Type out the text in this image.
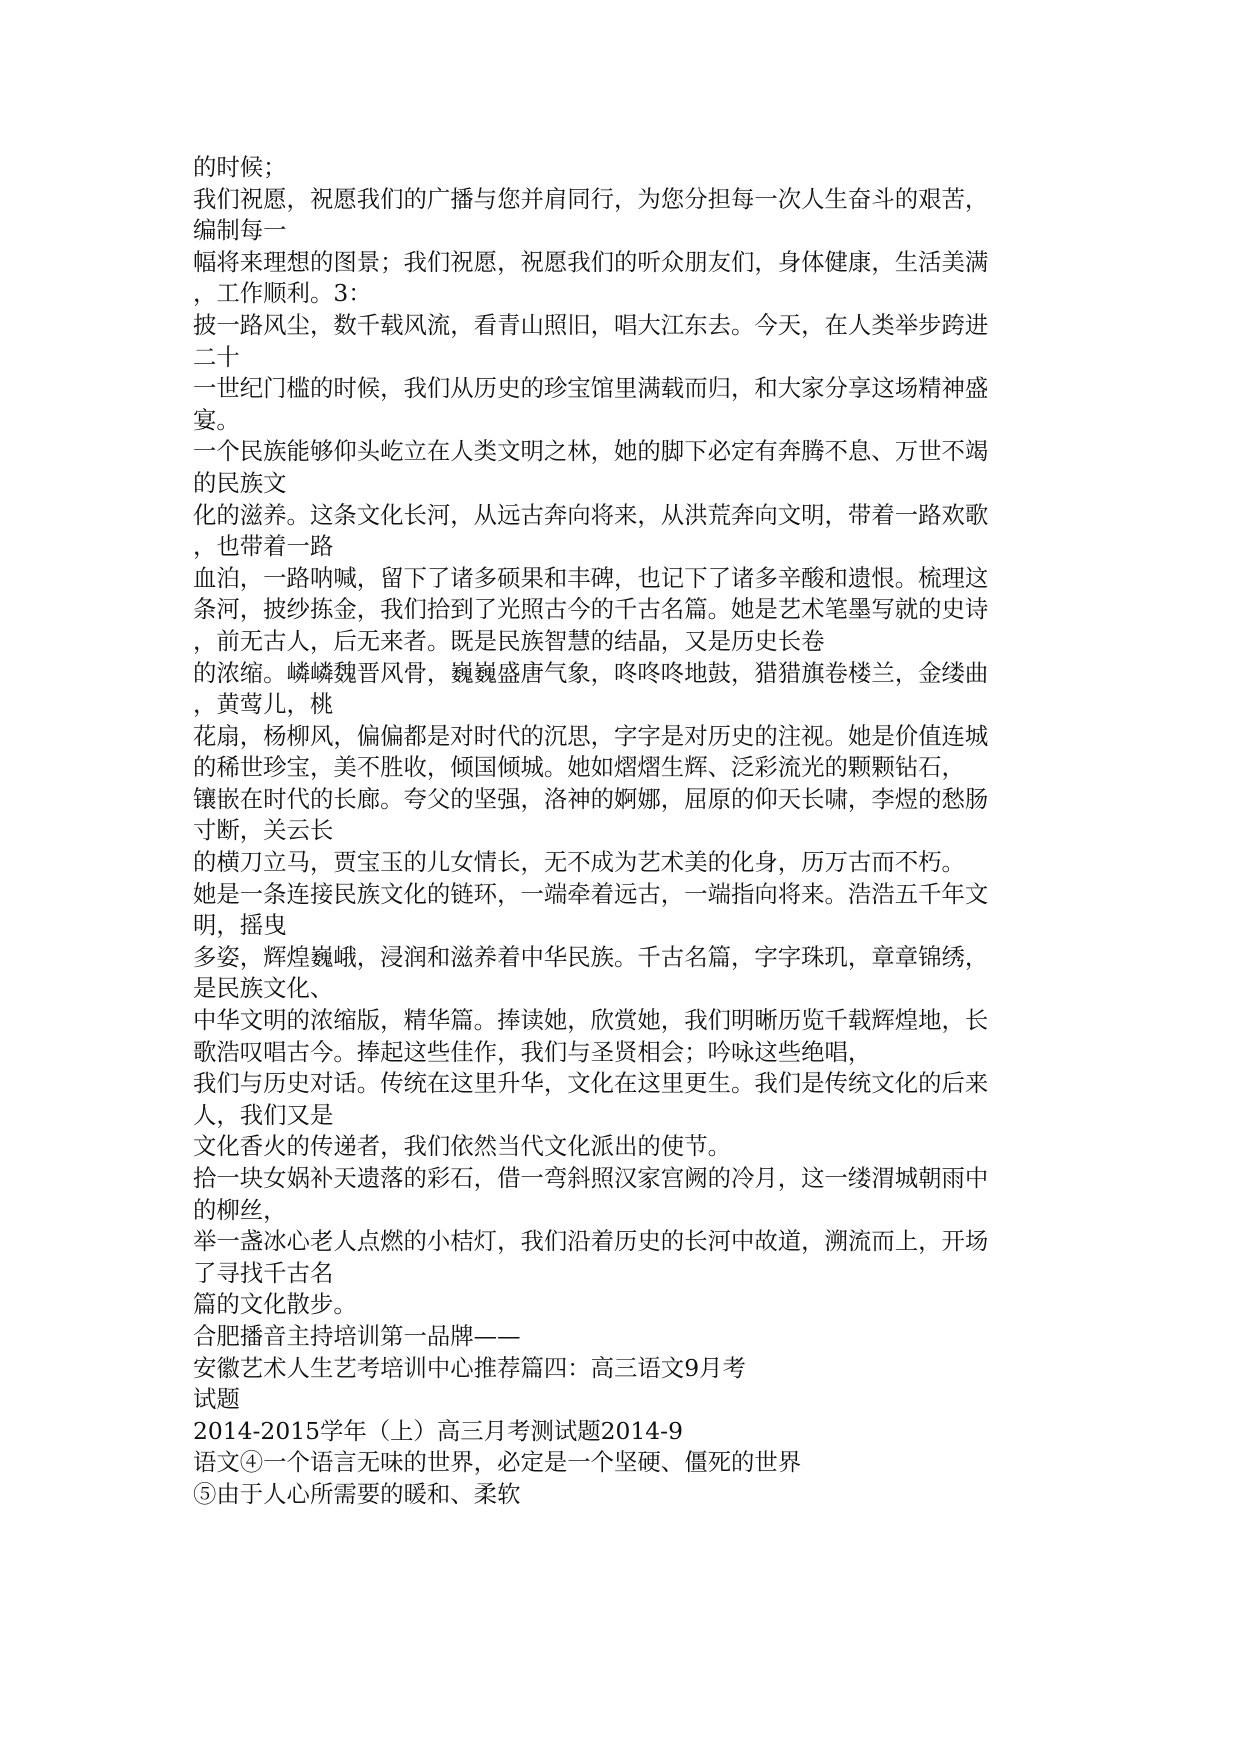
的时候；
我们祝愿，祝愿我们的广播与您并肩同行，为您分担每一次人生奋斗的艰苦，
编制每一
幅将来理想的图景；我们祝愿，祝愿我们的听众朋友们，身体健康，生活美满
，工作顺利。3：
披一路风尘，数千载风流，看青山照旧，唱大江东去。今天，在人类举步跨进
二十
一世纪门槛的时候，我们从历史的珍宝馆里满载而归，和大家分享这场精神盛
宴。
一个民族能够仰头屹立在人类文明之林，她的脚下必定有奔腾不息、万世不竭
的民族文
化的滋养。这条文化长河，从远古奔向将来，从洪荒奔向文明，带着一路欢歌
，也带着一路
血泊，一路呐喊，留下了诸多硕果和丰碑，也记下了诸多辛酸和遗恨。梳理这
条河，披纱拣金，我们拾到了光照古今的千古名篇。她是艺术笔墨写就的史诗
，前无古人，后无来者。既是民族智慧的结晶，又是历史长卷
的浓缩。嶙嶙魏晋风骨，巍巍盛唐气象，咚咚咚地鼓，猎猎旗卷楼兰，金缕曲
，黄莺儿，桃
花扇，杨柳风，偏偏都是对时代的沉思，字字是对历史的注视。她是价值连城
的稀世珍宝，美不胜收，倾国倾城。她如熠熠生辉、泛彩流光的颗颗钻石，
镶嵌在时代的长廊。夸父的坚强，洛神的婀娜，屈原的仰天长啸，李煜的愁肠
寸断，关云长
的横刀立马，贾宝玉的儿女情长，无不成为艺术美的化身，历万古而不朽。
她是一条连接民族文化的链环，一端牵着远古，一端指向将来。浩浩五千年文
明，摇曳
多姿，辉煌巍峨，浸润和滋养着中华民族。千古名篇，字字珠玑，章章锦绣，
是民族文化、
中华文明的浓缩版，精华篇。捧读她，欣赏她，我们明晰历览千载辉煌地，长
歌浩叹唱古今。捧起这些佳作，我们与圣贤相会；吟咏这些绝唱，
我们与历史对话。传统在这里升华，文化在这里更生。我们是传统文化的后来
人，我们又是
文化香火的传递者，我们依然当代文化派出的使节。
拾一块女娲补天遗落的彩石，借一弯斜照汉家宫阙的冷月，这一缕渭城朝雨中
的柳丝，
举一盏冰心老人点燃的小桔灯，我们沿着历史的长河中故道，溯流而上，开场
了寻找千古名
篇的文化散步。
合肥播音主持培训第一品牌——
安徽艺术人生艺考培训中心推荐篇四：高三语文9月考
试题
2014-2015学年（上）高三月考测试题2014-9
语文④一个语言无味的世界，必定是一个坚硬、僵死的世界
⑤由于人心所需要的暖和、柔软
